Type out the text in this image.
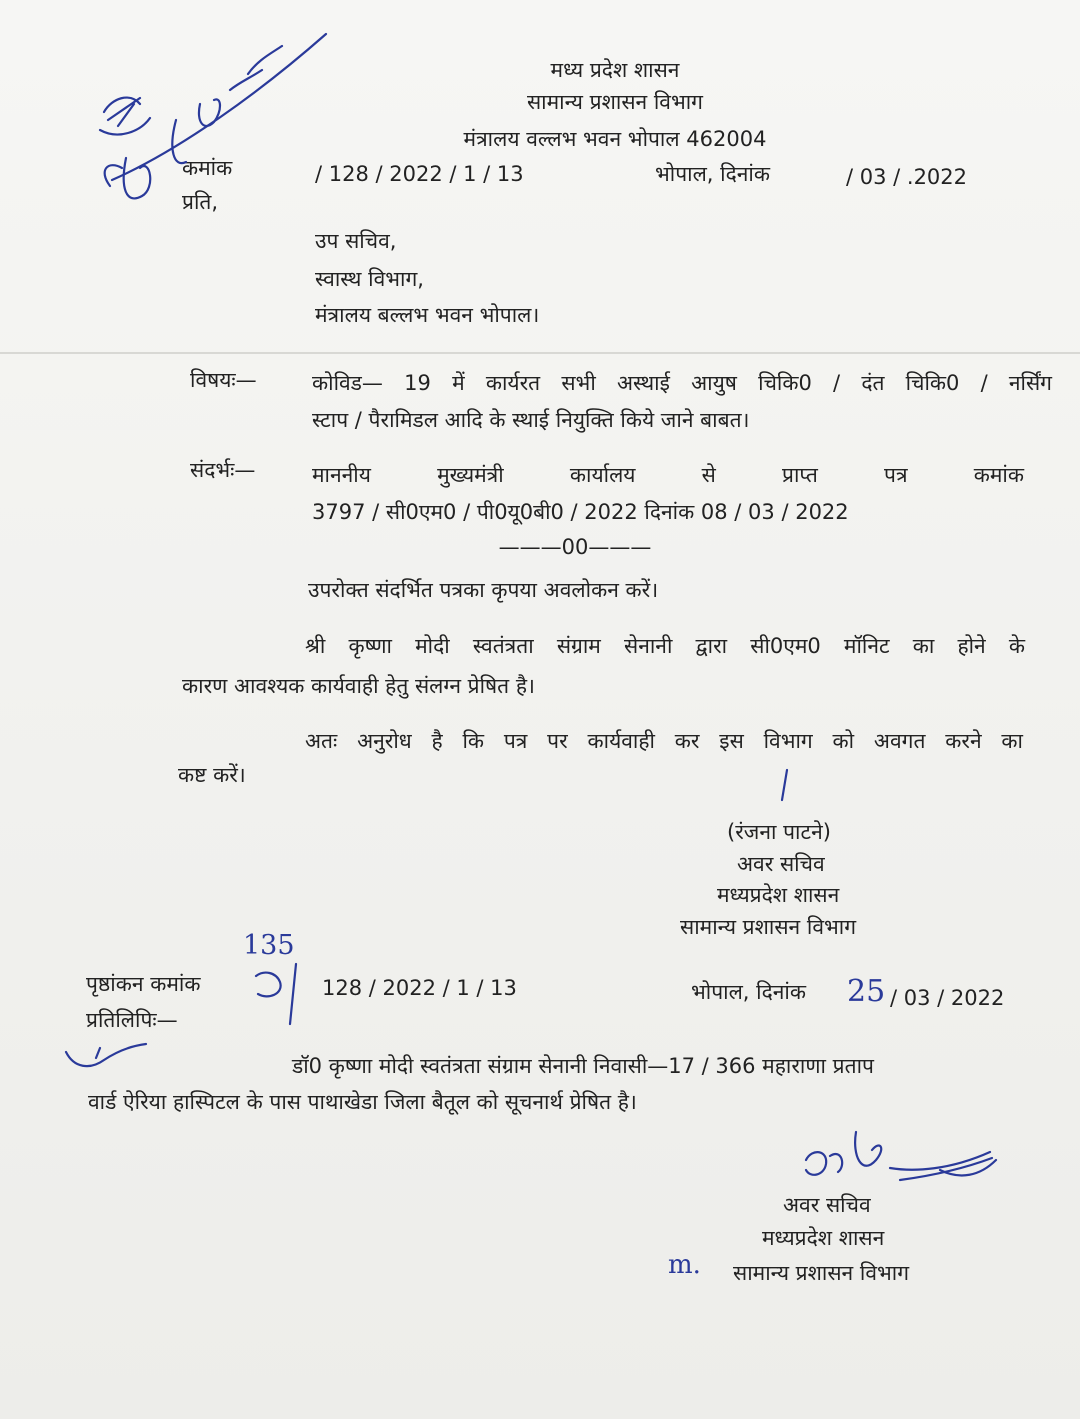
मध्य प्रदेश शासन
सामान्य प्रशासन विभाग
मंत्रालय वल्लभ भवन भोपाल 462004
कमांक	/ 128 / 2022 / 1 / 13	भोपाल, दिनांक	/ 03 / .2022
प्रति,
उप सचिव,
स्वास्थ विभाग,
मंत्रालय बल्लभ भवन भोपाल।
विषयः—	कोविड— 19 में कार्यरत सभी अस्थाई आयुष चिकि0 / दंत चिकि0 / नर्सिंग
स्टाप / पैरामिडल आदि के स्थाई नियुक्ति किये जाने बाबत।
संदर्भः—	माननीय मुख्यमंत्री कार्यालय से प्राप्त पत्र कमांक
3797 / सी0एम0 / पी0यू0बी0 / 2022 दिनांक 08 / 03 / 2022
———00———
उपरोक्त संदर्भित पत्रका कृपया अवलोकन करें।
श्री कृष्णा मोदी स्वतंत्रता संग्राम सेनानी द्वारा सी0एम0 मॉनिट का होने के
कारण आवश्यक कार्यवाही हेतु संलग्न प्रेषित है।
अतः अनुरोध है कि पत्र पर कार्यवाही कर इस विभाग को अवगत करने का
कष्ट करें।
(रंजना पाटने)
अवर सचिव
मध्यप्रदेश शासन
सामान्य प्रशासन विभाग
पृष्ठांकन कमांक	128 / 2022 / 1 / 13
135
भोपाल, दिनांक 25 / 03 / 2022
प्रतिलिपिः—
डॉ0 कृष्णा मोदी स्वतंत्रता संग्राम सेनानी निवासी—17 / 366 महाराणा प्रताप
वार्ड ऐरिया हास्पिटल के पास पाथाखेडा जिला बैतूल को सूचनार्थ प्रेषित है।
अवर सचिव
मध्यप्रदेश शासन
सामान्य प्रशासन विभाग
m.
